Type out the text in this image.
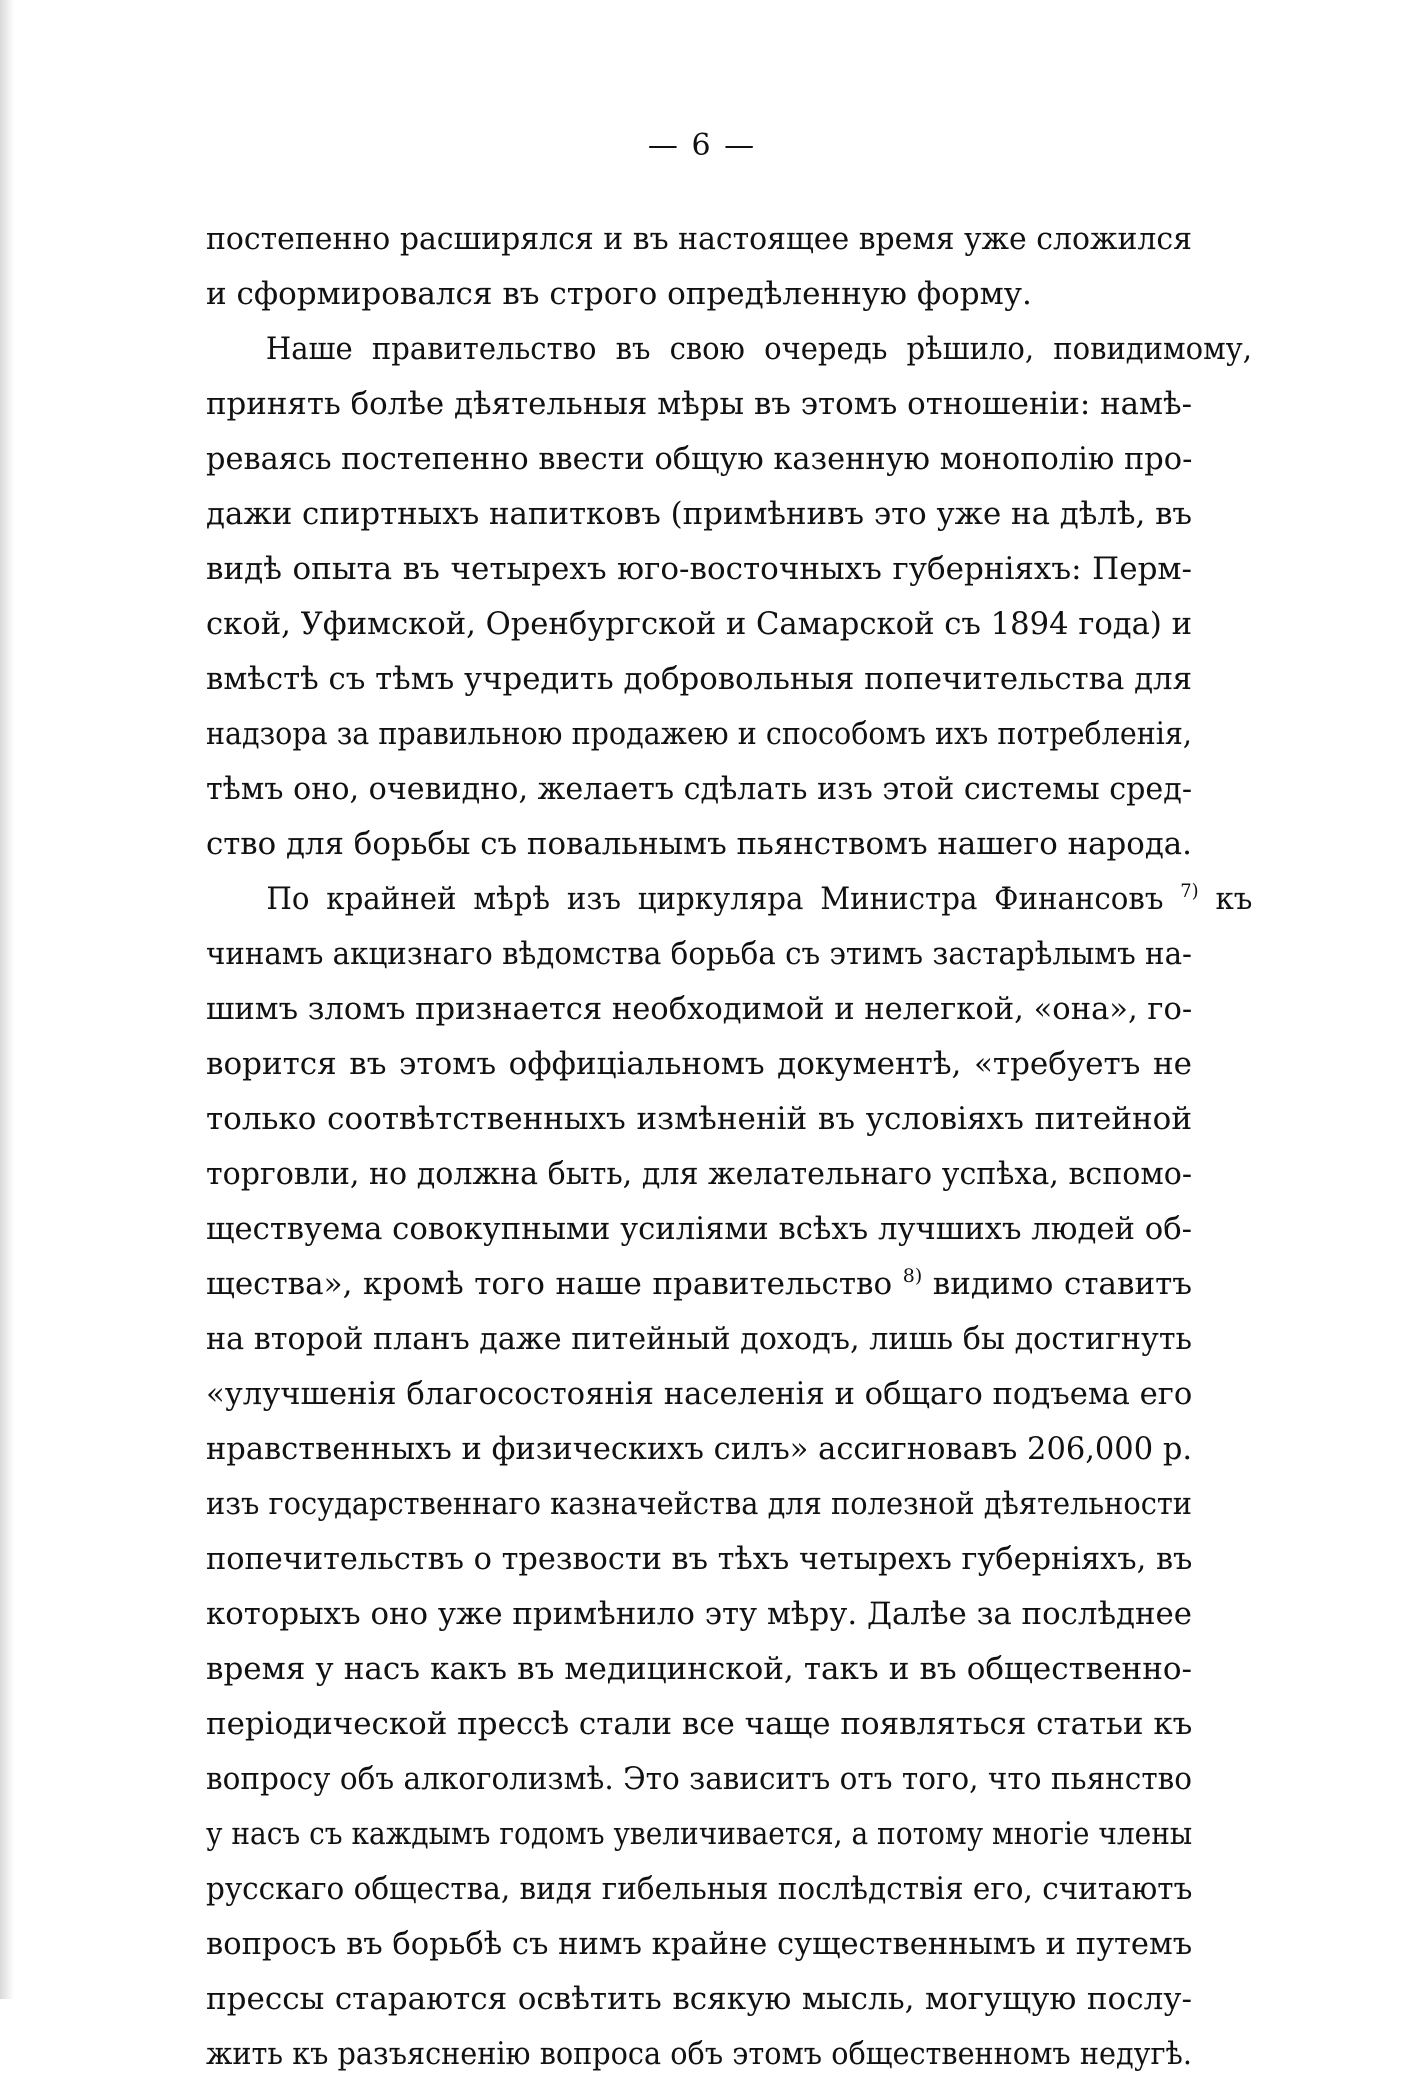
— 6 —
постепенно расширялся и въ настоящее время уже сложился
и сформировался въ строго опредѣленную форму.
Наше правительство въ свою очередь рѣшило, повидимому,
принять болѣе дѣятельныя мѣры въ этомъ отношеніи: намѣ-
реваясь постепенно ввести общую казенную монополію про-
дажи спиртныхъ напитковъ (примѣнивъ это уже на дѣлѣ, въ
видѣ опыта въ четырехъ юго-восточныхъ губерніяхъ: Перм-
ской, Уфимской, Оренбургской и Самарской съ 1894 года) и
вмѣстѣ съ тѣмъ учредить добровольныя попечительства для
надзора за правильною продажею и способомъ ихъ потребленія,
тѣмъ оно, очевидно, желаетъ сдѣлать изъ этой системы сред-
ство для борьбы съ повальнымъ пьянствомъ нашего народа.
По крайней мѣрѣ изъ циркуляра Министра Финансовъ $^{7)}$ къ
чинамъ акцизнаго вѣдомства борьба съ этимъ застарѣлымъ на-
шимъ зломъ признается необходимой и нелегкой, «она», го-
ворится въ этомъ оффиціальномъ документѣ, «требуетъ не
только соотвѣтственныхъ измѣненій въ условіяхъ питейной
торговли, но должна быть, для желательнаго успѣха, вспомо-
ществуема совокупными усиліями всѣхъ лучшихъ людей об-
щества», кромѣ того наше правительство $^{8)}$ видимо ставитъ
на второй планъ даже питейный доходъ, лишь бы достигнуть
«улучшенія благосостоянія населенія и общаго подъема его
нравственныхъ и физическихъ силъ» ассигновавъ 206,000 р.
изъ государственнаго казначейства для полезной дѣятельности
попечительствъ о трезвости въ тѣхъ четырехъ губерніяхъ, въ
которыхъ оно уже примѣнило эту мѣру. Далѣе за послѣднее
время у насъ какъ въ медицинской, такъ и въ общественно-
періодической прессѣ стали все чаще появляться статьи къ
вопросу объ алкоголизмѣ. Это зависитъ отъ того, что пьянство
у насъ съ каждымъ годомъ увеличивается, а потому многіе члены
русскаго общества, видя гибельныя послѣдствія его, считаютъ
вопросъ въ борьбѣ съ нимъ крайне существеннымъ и путемъ
прессы стараются освѣтить всякую мысль, могущую послу-
жить къ разъясненію вопроса объ этомъ общественномъ недугѣ.
